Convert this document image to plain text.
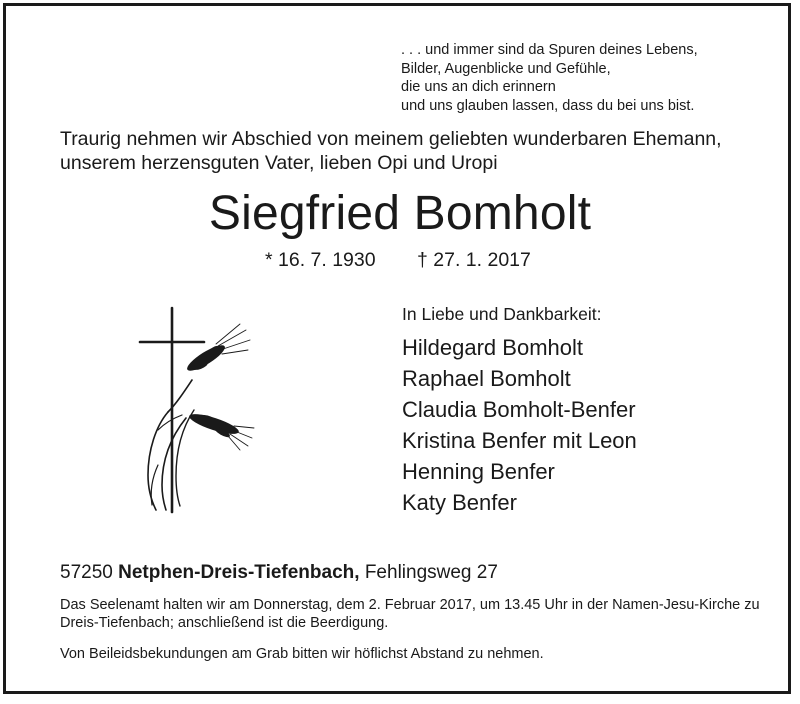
. . . und immer sind da Spuren deines Lebens,
Bilder, Augenblicke und Gefühle,
die uns an dich erinnern
und uns glauben lassen, dass du bei uns bist.
Traurig nehmen wir Abschied von meinem geliebten wunderbaren Ehemann,
unserem herzensguten Vater, lieben Opi und Uropi
Siegfried Bomholt
* 16. 7. 1930 † 27. 1. 2017
In Liebe und Dankbarkeit:
Hildegard Bomholt
Raphael Bomholt
Claudia Bomholt-Benfer
Kristina Benfer mit Leon
Henning Benfer
Katy Benfer
57250 Netphen-Dreis-Tiefenbach, Fehlingsweg 27
Das Seelenamt halten wir am Donnerstag, dem 2. Februar 2017, um 13.45 Uhr in der Namen-Jesu-Kirche zu Dreis-Tiefenbach; anschließend ist die Beerdigung.
Von Beileidsbekundungen am Grab bitten wir höflichst Abstand zu nehmen.
